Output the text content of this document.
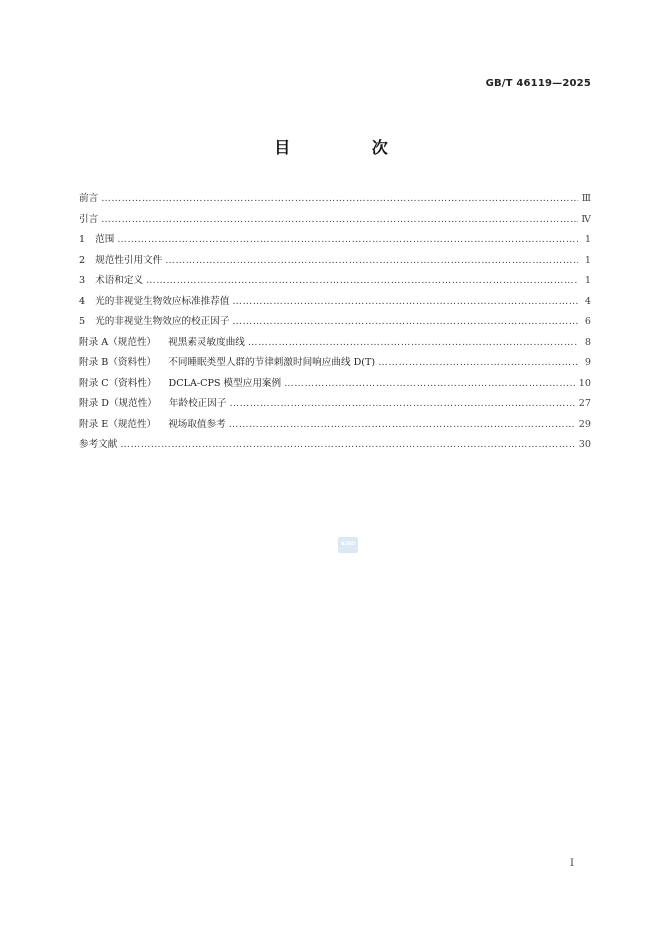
GB/T 46119—2025
目 次
前言 ……………………………………………………………………………………………………………………………………………………………………………………………………………………	Ⅲ
引言 ……………………………………………………………………………………………………………………………………………………………………………………………………………………	Ⅳ
1 范围 ……………………………………………………………………………………………………………………………………………………………………………………………………………………	1
2 规范性引用文件 ……………………………………………………………………………………………………………………………………………………………………………………………………………………	1
3 术语和定义 ……………………………………………………………………………………………………………………………………………………………………………………………………………………	1
4 光的非视觉生物效应标准推荐值 ……………………………………………………………………………………………………………………………………………………………………………………………………………………	4
5 光的非视觉生物效应的校正因子 ……………………………………………………………………………………………………………………………………………………………………………………………………………………	6
附录 A（规范性） 视黑素灵敏度曲线 ……………………………………………………………………………………………………………………………………………………………………………………………………………………	8
附录 B（资料性） 不同睡眠类型人群的节律刺激时间响应曲线 D(T) ……………………………………………………………………………………………………………………………………………………………………………………………………………………	9
附录 C（资料性） DCLA-CPS 模型应用案例 ……………………………………………………………………………………………………………………………………………………………………………………………………………………	10
附录 D（规范性） 年龄校正因子 ……………………………………………………………………………………………………………………………………………………………………………………………………………………	27
附录 E（规范性） 视场取值参考 ……………………………………………………………………………………………………………………………………………………………………………………………………………………	29
参考文献 ……………………………………………………………………………………………………………………………………………………………………………………………………………………	30
BZKO
I
